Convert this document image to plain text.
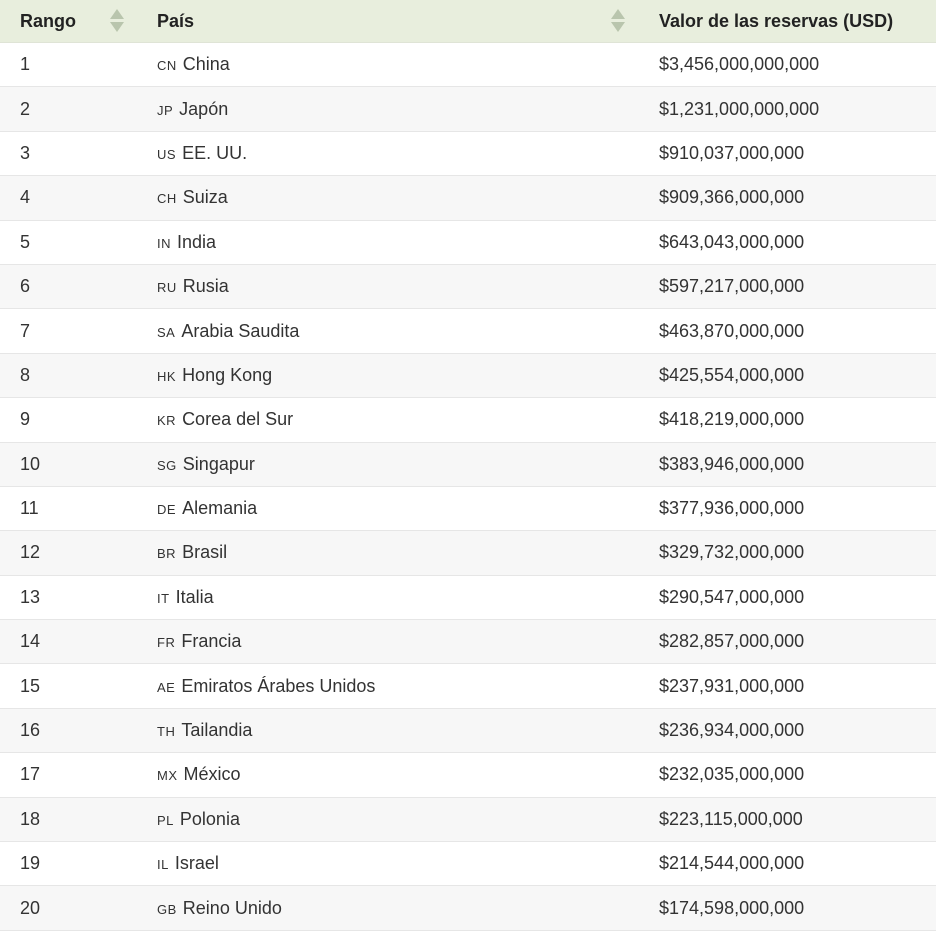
Rango	País	Valor de las reservas (USD)
1	CN China	$3,456,000,000,000
2	JP Japón	$1,231,000,000,000
3	US EE. UU.	$910,037,000,000
4	CH Suiza	$909,366,000,000
5	IN India	$643,043,000,000
6	RU Rusia	$597,217,000,000
7	SA Arabia Saudita	$463,870,000,000
8	HK Hong Kong	$425,554,000,000
9	KR Corea del Sur	$418,219,000,000
10	SG Singapur	$383,946,000,000
11	DE Alemania	$377,936,000,000
12	BR Brasil	$329,732,000,000
13	IT Italia	$290,547,000,000
14	FR Francia	$282,857,000,000
15	AE Emiratos Árabes Unidos	$237,931,000,000
16	TH Tailandia	$236,934,000,000
17	MX México	$232,035,000,000
18	PL Polonia	$223,115,000,000
19	IL Israel	$214,544,000,000
20	GB Reino Unido	$174,598,000,000
